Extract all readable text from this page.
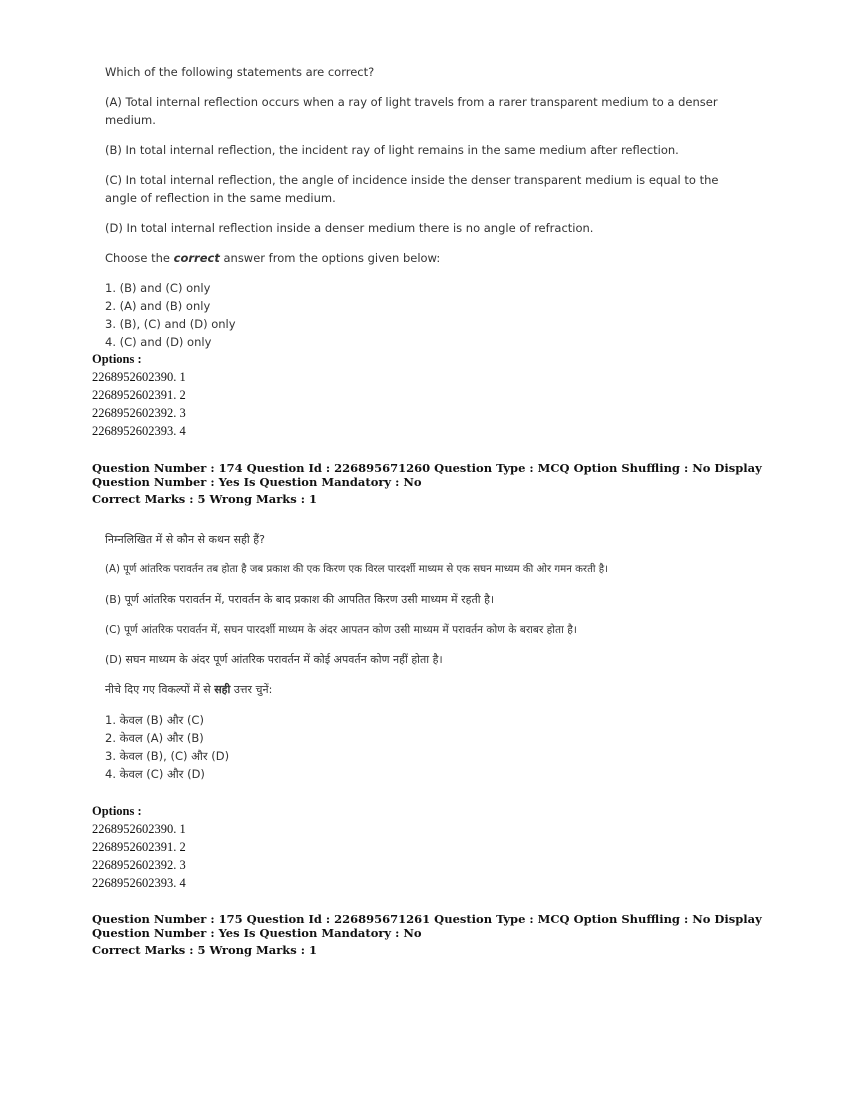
Which of the following statements are correct?

(A) Total internal reflection occurs when a ray of light travels from a rarer transparent medium to a denser medium.

(B) In total internal reflection, the incident ray of light remains in the same medium after reflection.

(C) In total internal reflection, the angle of incidence inside the denser transparent medium is equal to the angle of reflection in the same medium.

(D) In total internal reflection inside a denser medium there is no angle of refraction.

Choose the correct answer from the options given below:

1. (B) and (C) only
2. (A) and (B) only
3. (B), (C) and (D) only
4. (C) and (D) only
Options :
2268952602390. 1
2268952602391. 2
2268952602392. 3
2268952602393. 4
Question Number : 174 Question Id : 226895671260 Question Type : MCQ Option Shuffling : No Display Question Number : Yes Is Question Mandatory : No
Correct Marks : 5 Wrong Marks : 1

निम्नलिखित में से कौन से कथन सही हैं?

(A) पूर्ण आंतरिक परावर्तन तब होता है जब प्रकाश की एक किरण एक विरल पारदर्शी माध्यम से एक सघन माध्यम की ओर गमन करती है।

(B) पूर्ण आंतरिक परावर्तन में, परावर्तन के बाद प्रकाश की आपतित किरण उसी माध्यम में रहती है।

(C) पूर्ण आंतरिक परावर्तन में, सघन पारदर्शी माध्यम के अंदर आपतन कोण उसी माध्यम में परावर्तन कोण के बराबर होता है।

(D) सघन माध्यम के अंदर पूर्ण आंतरिक परावर्तन में कोई अपवर्तन कोण नहीं होता है।

नीचे दिए गए विकल्पों में से सही उत्तर चुनें:

1. केवल (B) और (C)
2. केवल (A) और (B)
3. केवल (B), (C) और (D)
4. केवल (C) और (D)
Options :
2268952602390. 1
2268952602391. 2
2268952602392. 3
2268952602393. 4
Question Number : 175 Question Id : 226895671261 Question Type : MCQ Option Shuffling : No Display Question Number : Yes Is Question Mandatory : No
Correct Marks : 5 Wrong Marks : 1
